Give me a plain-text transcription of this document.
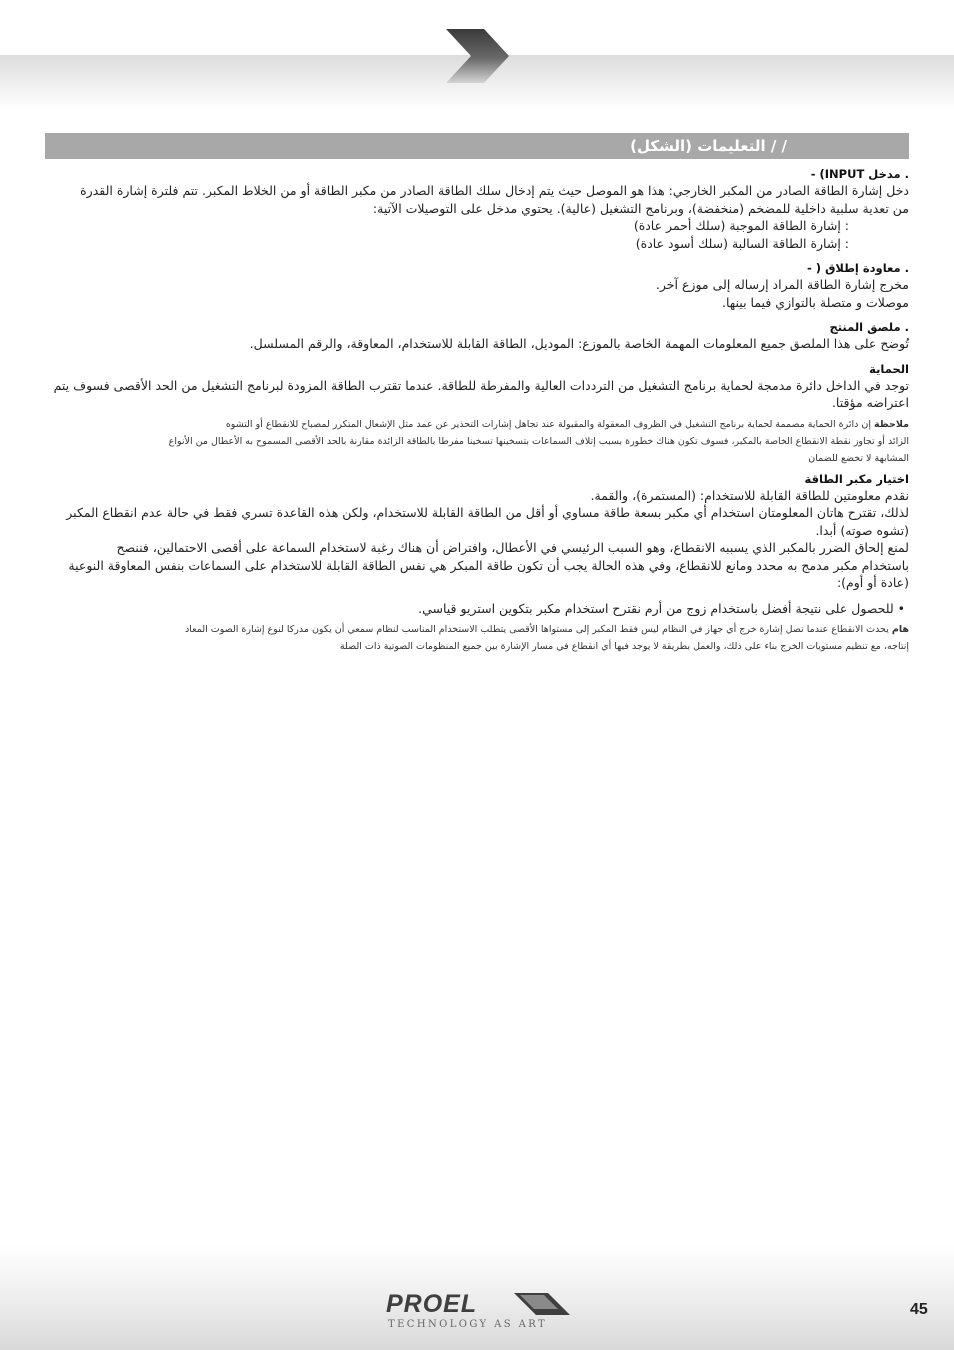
/ / التعليمات (الشكل)

. مدخل INPUT) -

دخل إشارة الطاقة الصادر من المكبر الخارجي: هذا هو الموصل حيث يتم إدخال سلك الطاقة الصادر من مكبر الطاقة أو من الخلاط المكبر. تتم فلترة إشارة القدرة

من تعدية سلبية داخلية للمضخم (منخفضة)، وبرنامج التشغيل (عالية). يحتوي مدخل على التوصيلات الآتية:

: إشارة الطاقة الموجبة (سلك أحمر عادة)

: إشارة الطاقة السالبة (سلك أسود عادة)

. معاودة إطلاق ( -

مخرج إشارة الطاقة المراد إرساله إلى موزع آخر.

موصلات و متصلة بالتوازي فيما بينها.

. ملصق المنتج

تُوضح على هذا الملصق جميع المعلومات المهمة الخاصة بالموزع: الموديل، الطاقة القابلة للاستخدام، المعاوقة، والرقم المسلسل.

الحماية

توجد في الداخل دائرة مدمجة لحماية برنامج التشغيل من الترددات العالية والمفرطة للطاقة. عندما تقترب الطاقة المزودة لبرنامج التشغيل من الحد الأقصى فسوف يتم

اعتراضه مؤقتا.

ملاحظة إن دائرة الحماية مصممة لحماية برنامج التشغيل في الظروف المعقولة والمقبولة عند تجاهل إشارات التحذير عن عمد مثل الإشعال المتكرر لمصباح للانقطاع أو التشوه

الزائد أو تجاوز نقطة الانقطاع الخاصة بالمكبر، فسوف تكون هناك خطورة بسبب إتلاف السماعات بتسخينها تسخينا مفرطا بالطاقة الزائدة مقارنة بالحد الأقصى المسموح به الأعطال من الأنواع

المشابهة لا تخضع للضمان

اختيار مكبر الطاقة

نقدم معلومتين للطاقة القابلة للاستخدام: (المستمرة)، والقمة.

لذلك، تقترح هاتان المعلومتان استخدام أي مكبر بسعة طاقة مساوي أو أقل من الطاقة القابلة للاستخدام، ولكن هذه القاعدة تسري فقط في حالة عدم انقطاع المكبر

(تشوه صوته) أبدا.

لمنع إلحاق الضرر بالمكبر الذي يسببه الانقطاع، وهو السبب الرئيسي في الأعطال، وافتراض أن هناك رغبة لاستخدام السماعة على أقصى الاحتمالين، فننصح

باستخدام مكبر مدمج به محدد ومانع للانقطاع، وفي هذه الحالة يجب أن تكون طاقة المبكر هي نفس الطاقة القابلة للاستخدام على السماعات بنفس المعاوقة النوعية

(عادة أو أوم):

• للحصول على نتيجة أفضل باستخدام زوج من أرم نقترح استخدام مكبر بتكوين استريو قياسي.

هام يحدث الانقطاع عندما تصل إشارة خرج أي جهاز في النظام ليس فقط المكبر إلى مستواها الأقصى يتطلب الاستخدام المناسب لنظام سمعي أن يكون مدركا لنوع إشارة الصوت المعاد

إنتاجه، مع تنظيم مستويات الخرج بناء على ذلك، والعمل بطريقة لا يوجد فيها أي انقطاع في مسار الإشارة بين جميع المنظومات الصوتية ذات الصلة

PROEL
TECHNOLOGY AS ART
45
